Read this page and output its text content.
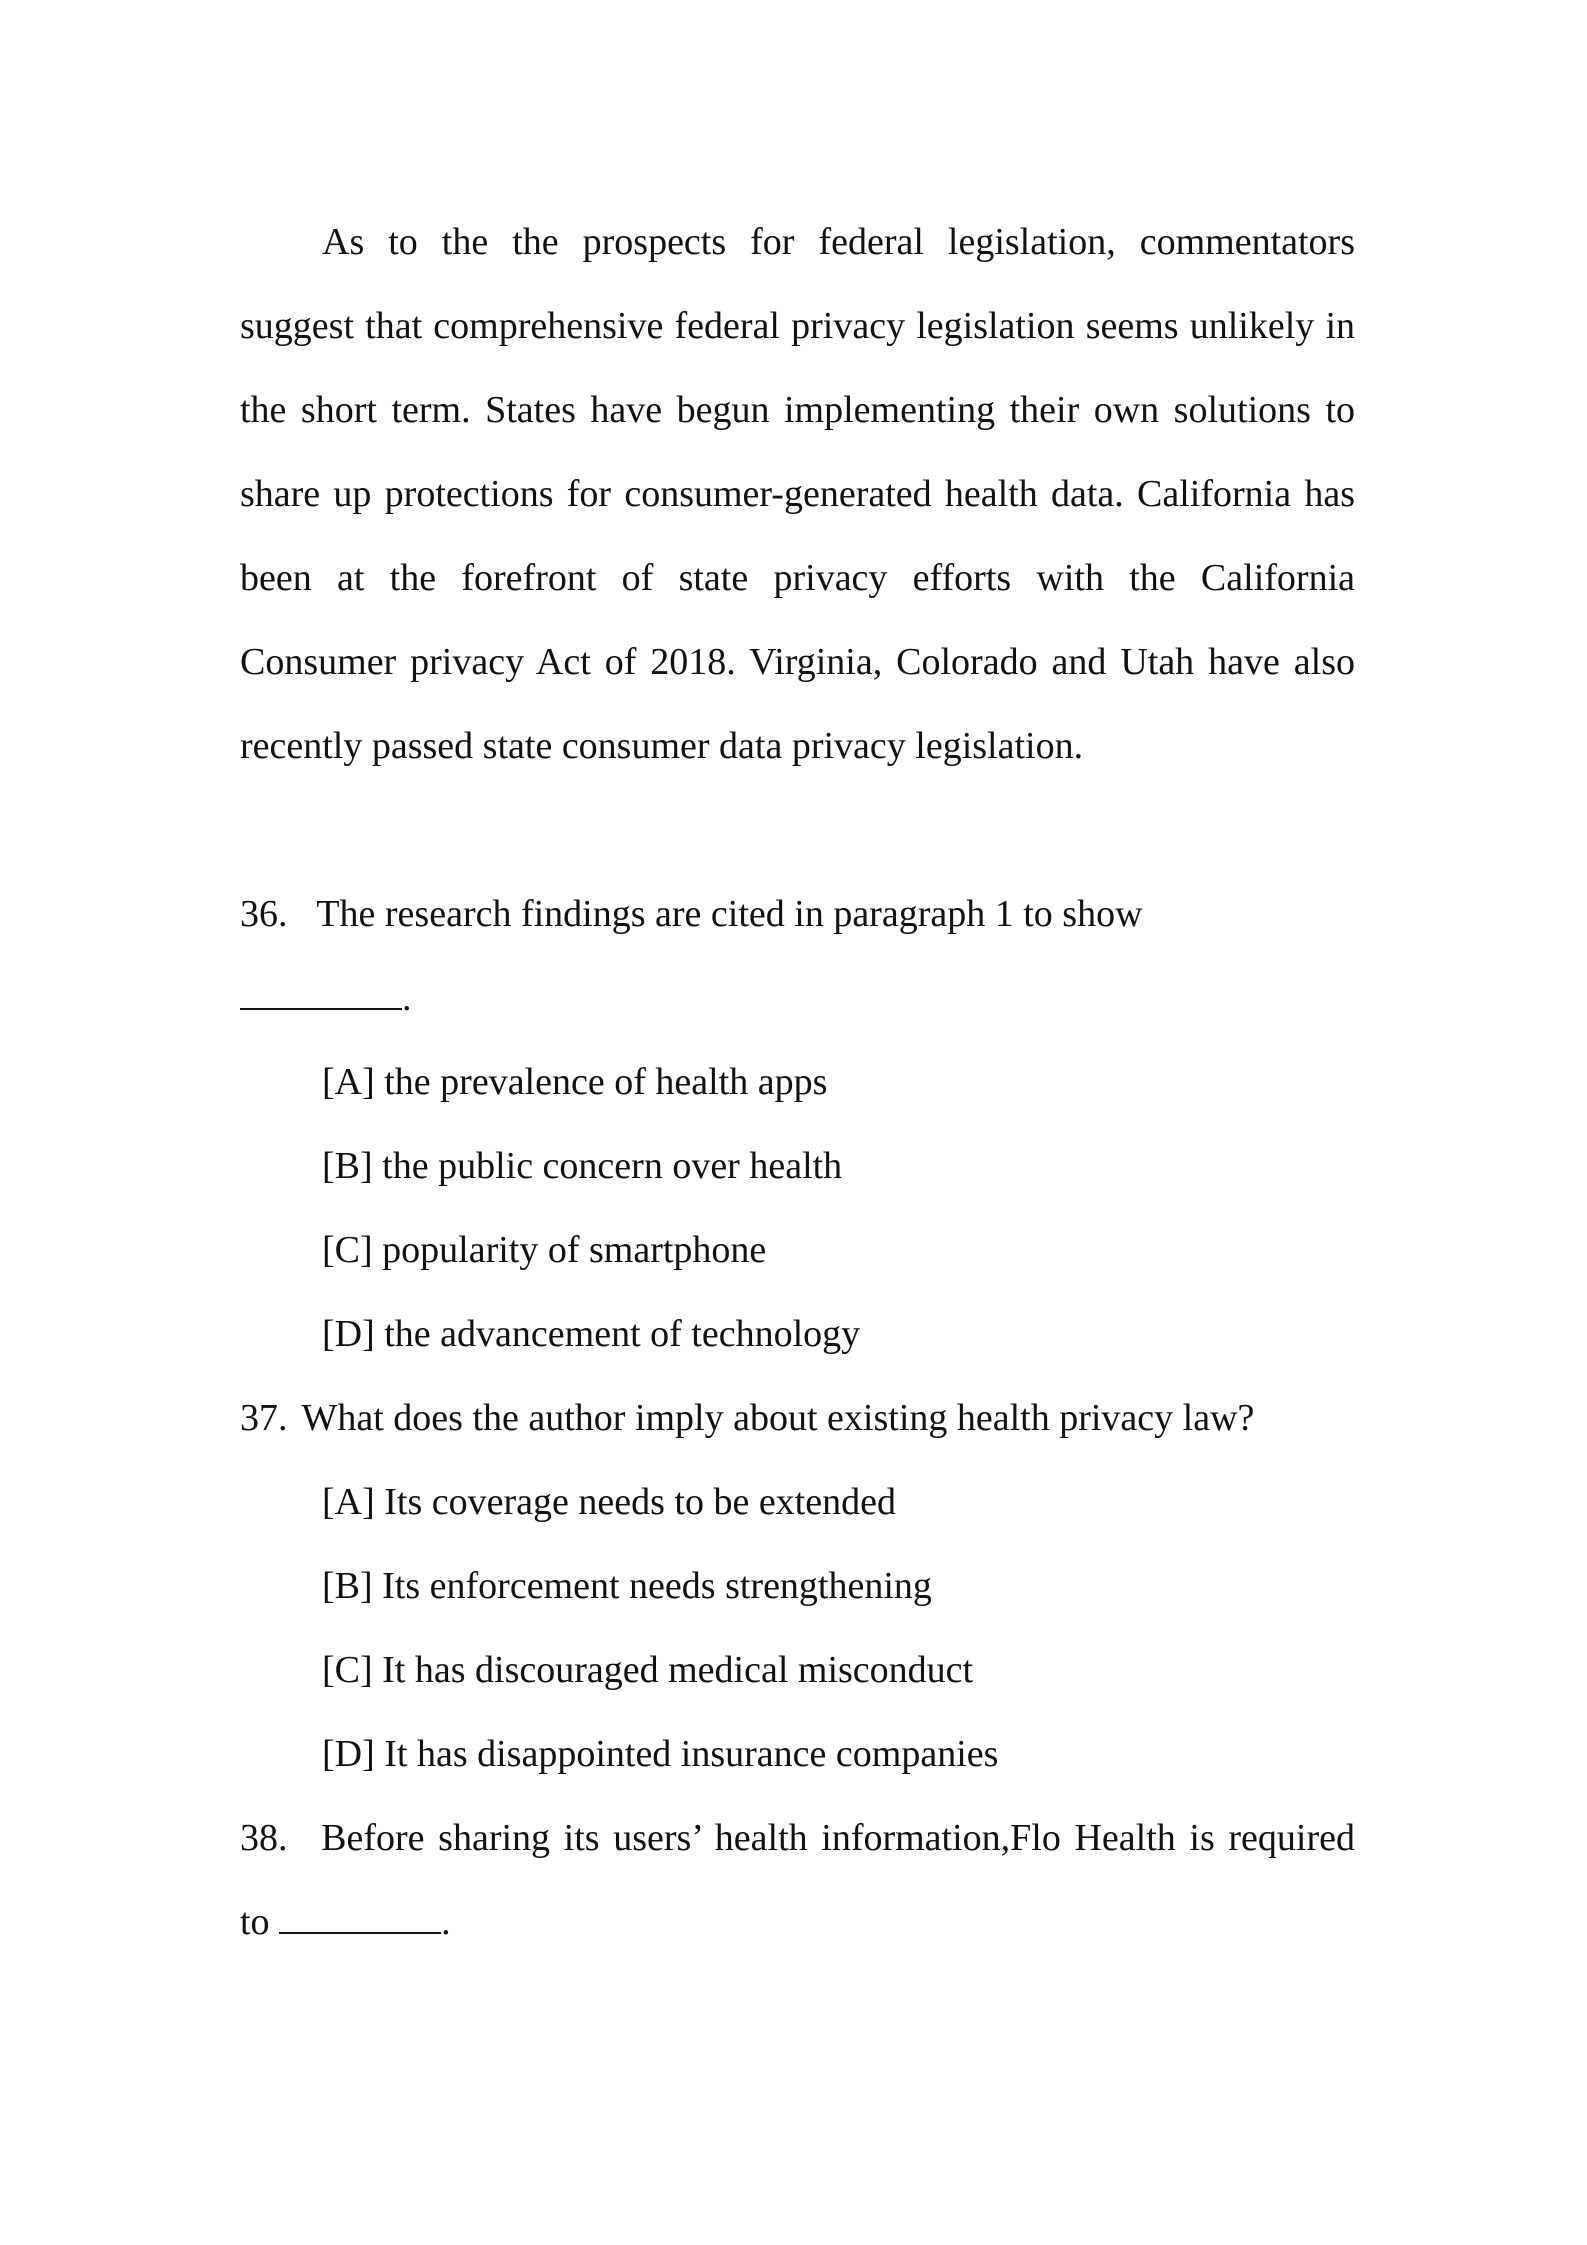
As to the the prospects for federal legislation, commentators suggest that comprehensive federal privacy legislation seems unlikely in the short term. States have begun implementing their own solutions to share up protections for consumer-generated health data. California has been at the forefront of state privacy efforts with the California Consumer privacy Act of 2018. Virginia, Colorado and Utah have also recently passed state consumer data privacy legislation.

36. The research findings are cited in paragraph 1 to show
.

[A] the prevalence of health apps

[B] the public concern over health

[C] popularity of smartphone

[D] the advancement of technology

37. What does the author imply about existing health privacy law?

[A] Its coverage needs to be extended

[B] Its enforcement needs strengthening

[C] It has discouraged medical misconduct

[D] It has disappointed insurance companies

38. Before sharing its users’ health information,Flo Health is required to	.
